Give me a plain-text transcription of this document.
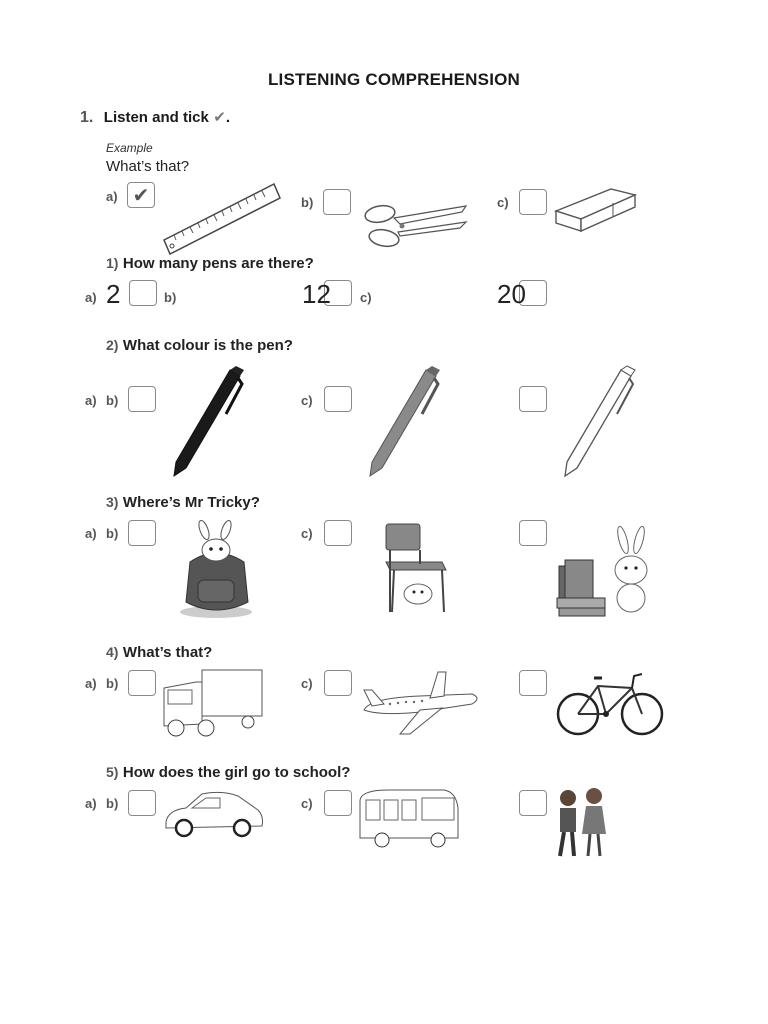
LISTENING COMPREHENSION
1. Listen and tick ✔.
Example
What’s that?
a) ✔	b)	c)
1) How many pens are there?
a) 2	b)	12 c)	20
2) What colour is the pen?
a) b)	c)
3) Where’s Mr Tricky?
a) b)	c)
4) What’s that?
a) b)	c)
5) How does the girl go to school?
a) b)	c)
